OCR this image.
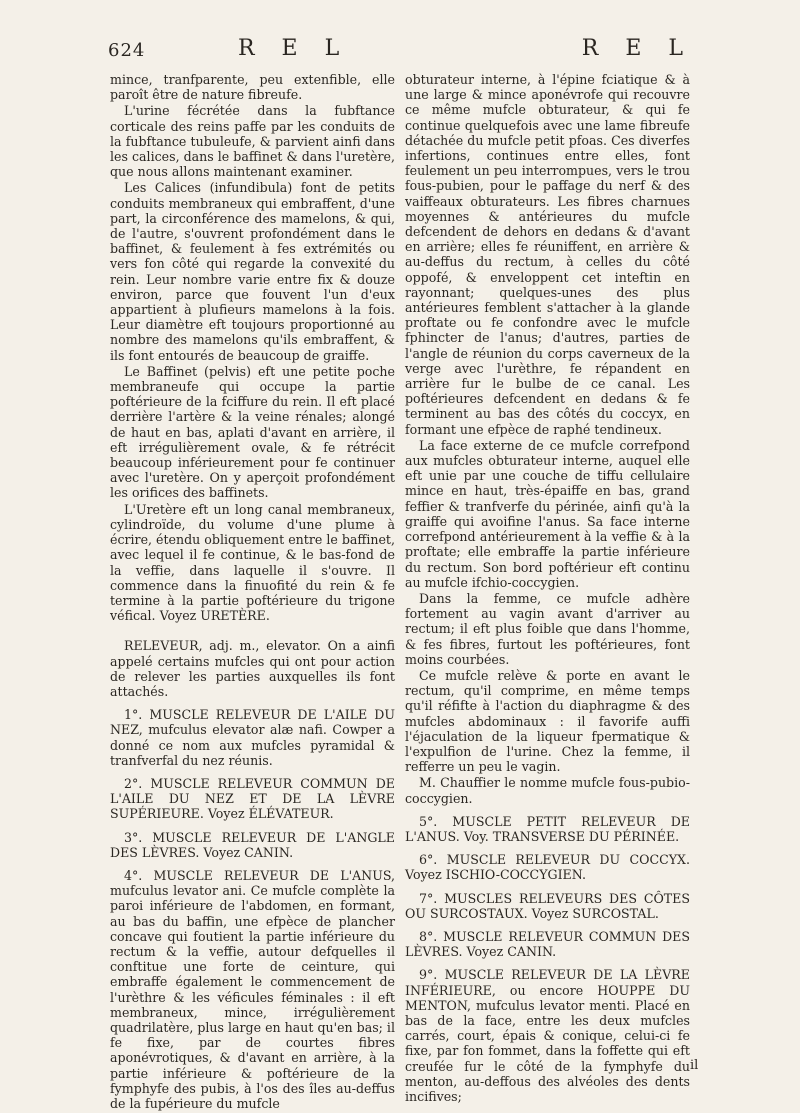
624	R E L	R E L

mince, tranfparente, peu extenfible, elle paroît être de nature fibreufe.

L'urine fécrétée dans la fubftance corticale des reins paffe par les conduits de la fubftance tubuleufe, & parvient ainfi dans les calices, dans le baffinet & dans l'uretère, que nous allons maintenant examiner.

Les Calices (infundibula) font de petits conduits membraneux qui embraffent, d'une part, la circonférence des mamelons, & qui, de l'autre, s'ouvrent profondément dans le baffinet, & feulement à fes extrémités ou vers fon côté qui regarde la convexité du rein. Leur nombre varie entre fix & douze environ, parce que fouvent l'un d'eux appartient à plufieurs mamelons à la fois. Leur diamètre eft toujours proportionné au nombre des mamelons qu'ils embraffent, & ils font entourés de beaucoup de graiffe.

Le Baffinet (pelvis) eft une petite poche membraneufe qui occupe la partie poftérieure de la fciffure du rein. Il eft placé derrière l'artère & la veine rénales; alongé de haut en bas, aplati d'avant en arrière, il eft irrégulièrement ovale, & fe rétrécit beaucoup inférieurement pour fe continuer avec l'uretère. On y aperçoit profondément les orifices des baffinets.

L'Uretère eft un long canal membraneux, cylindroïde, du volume d'une plume à écrire, étendu obliquement entre le baffinet, avec lequel il fe continue, & le bas-fond de la veffie, dans laquelle il s'ouvre. Il commence dans la finuofité du rein & fe termine à la partie poftérieure du trigone véfical. Voyez URETÈRE.

RELEVEUR, adj. m., elevator. On a ainfi appelé certains mufcles qui ont pour action de relever les parties auxquelles ils font attachés.

1°. MUSCLE RELEVEUR DE L'AILE DU NEZ, mufculus elevator alæ nafi. Cowper a donné ce nom aux mufcles pyramidal & tranfverfal du nez réunis.

2°. MUSCLE RELEVEUR COMMUN DE L'AILE DU NEZ ET DE LA LÈVRE SUPÉRIEURE. Voyez ÉLÉVATEUR.

3°. MUSCLE RELEVEUR DE L'ANGLE DES LÈVRES. Voyez CANIN.

4°. MUSCLE RELEVEUR DE L'ANUS, mufculus levator ani. Ce mufcle complète la paroi inférieure de l'abdomen, en formant, au bas du baffin, une efpèce de plancher concave qui foutient la partie inférieure du rectum & la veffie, autour defquelles il conftitue une forte de ceinture, qui embraffe également le commencement de l'urèthre & les véficules féminales : il eft membraneux, mince, irrégulièrement quadrilatère, plus large en haut qu'en bas; il fe fixe, par de courtes fibres aponévrotiques, & d'avant en arrière, à la partie inférieure & poftérieure de la fymphyfe des pubis, à l'os des îles au-deffus de la fupérieure du mufcle

obturateur interne, à l'épine fciatique & à une large & mince aponévrofe qui recouvre ce même mufcle obturateur, & qui fe continue quelquefois avec une lame fibreufe détachée du mufcle petit pfoas. Ces diverfes infertions, continues entre elles, font feulement un peu interrompues, vers le trou fous-pubien, pour le paffage du nerf & des vaiffeaux obturateurs. Les fibres charnues moyennes & antérieures du mufcle defcendent de dehors en dedans & d'avant en arrière; elles fe réuniffent, en arrière & au-deffus du rectum, à celles du côté oppofé, & enveloppent cet inteftin en rayonnant; quelques-unes des plus antérieures femblent s'attacher à la glande proftate ou fe confondre avec le mufcle fphincter de l'anus; d'autres, parties de l'angle de réunion du corps caverneux de la verge avec l'urèthre, fe répandent en arrière fur le bulbe de ce canal. Les poftérieures defcendent en dedans & fe terminent au bas des côtés du coccyx, en formant une efpèce de raphé tendineux.

La face externe de ce mufcle correfpond aux mufcles obturateur interne, auquel elle eft unie par une couche de tiffu cellulaire mince en haut, très-épaiffe en bas, grand feffier & tranfverfe du périnée, ainfi qu'à la graiffe qui avoifine l'anus. Sa face interne correfpond antérieurement à la veffie & à la proftate; elle embraffe la partie inférieure du rectum. Son bord poftérieur eft continu au mufcle ifchio-coccygien.

Dans la femme, ce mufcle adhère fortement au vagin avant d'arriver au rectum; il eft plus foible que dans l'homme, & fes fibres, furtout les poftérieures, font moins courbées.

Ce mufcle relève & porte en avant le rectum, qu'il comprime, en même temps qu'il réfifte à l'action du diaphragme & des mufcles abdominaux : il favorife auffi l'éjaculation de la liqueur fpermatique & l'expulfion de l'urine. Chez la femme, il refferre un peu le vagin.

M. Chauffier le nomme mufcle fous-pubio-coccygien.

5°. MUSCLE PETIT RELEVEUR DE L'ANUS. Voy. TRANSVERSE DU PÉRINÉE.

6°. MUSCLE RELEVEUR DU COCCYX. Voyez ISCHIO-COCCYGIEN.

7°. MUSCLES RELEVEURS DES CÔTES OU SURCOSTAUX. Voyez SURCOSTAL.

8°. MUSCLE RELEVEUR COMMUN DES LÈVRES. Voyez CANIN.

9°. MUSCLE RELEVEUR DE LA LÈVRE INFÉRIEURE, ou encore HOUPPE DU MENTON, mufculus levator menti. Placé en bas de la face, entre les deux mufcles carrés, court, épais & conique, celui-ci fe fixe, par fon fommet, dans la foffette qui eft creufée fur le côté de la fymphyfe du menton, au-deffous des alvéoles des dents incifives;

il
